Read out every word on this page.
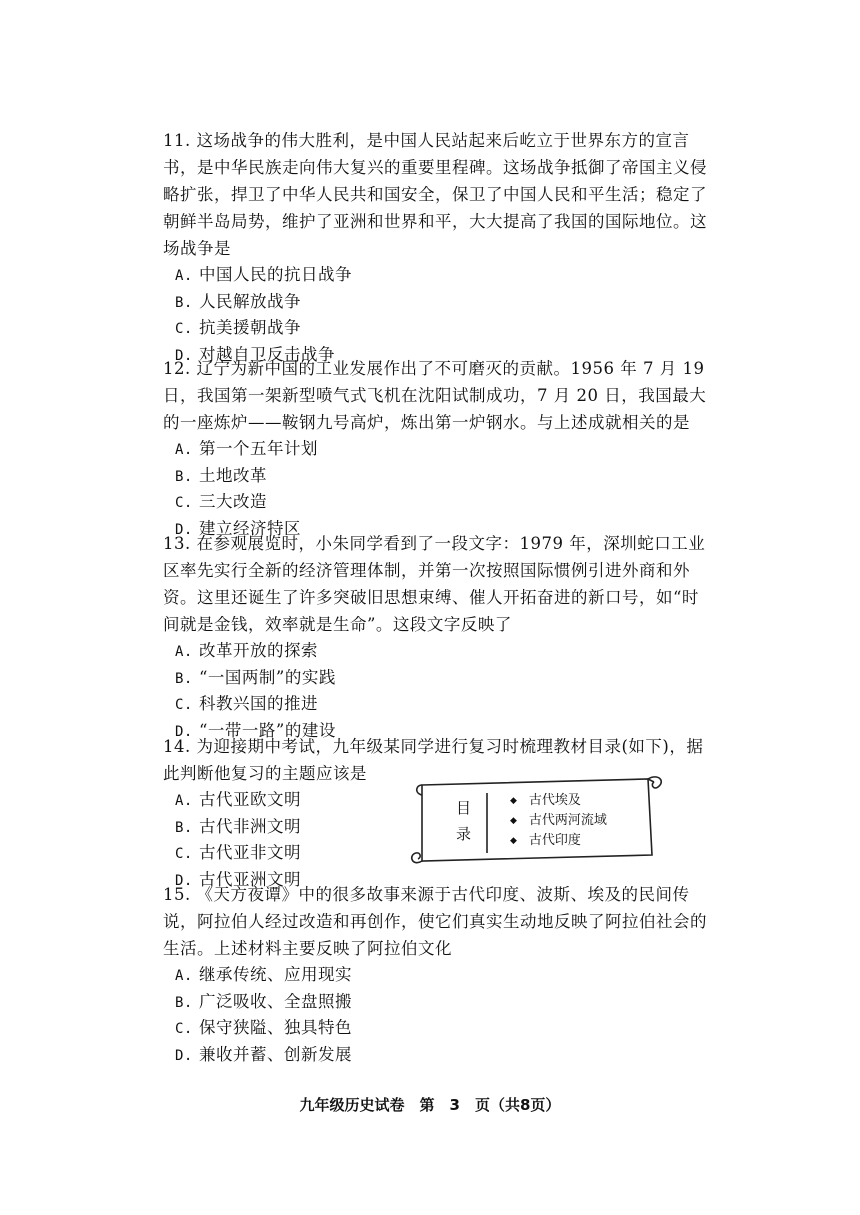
11. 这场战争的伟大胜利，是中国人民站起来后屹立于世界东方的宣言书，是中华民族走向伟大复兴的重要里程碑。这场战争抵御了帝国主义侵略扩张，捍卫了中华人民共和国安全，保卫了中国人民和平生活；稳定了朝鲜半岛局势，维护了亚洲和世界和平，大大提高了我国的国际地位。这场战争是

A. 中国人民的抗日战争
B. 人民解放战争
C. 抗美援朝战争
D. 对越自卫反击战争

12. 辽宁为新中国的工业发展作出了不可磨灭的贡献。1956 年 7 月 19 日，我国第一架新型喷气式飞机在沈阳试制成功，7 月 20 日，我国最大的一座炼炉——鞍钢九号高炉，炼出第一炉钢水。与上述成就相关的是

A. 第一个五年计划
B. 土地改革
C. 三大改造
D. 建立经济特区

13. 在参观展览时，小朱同学看到了一段文字：1979 年，深圳蛇口工业区率先实行全新的经济管理体制，并第一次按照国际惯例引进外商和外资。这里还诞生了许多突破旧思想束缚、催人开拓奋进的新口号，如“时间就是金钱，效率就是生命”。这段文字反映了

A. 改革开放的探索
B. “一国两制”的实践
C. 科教兴国的推进
D. “一带一路”的建设

14. 为迎接期中考试，九年级某同学进行复习时梳理教材目录(如下)，据此判断他复习的主题应该是

A. 古代亚欧文明
B. 古代非洲文明
C. 古代亚非文明
D. 古代亚洲文明
目
录
◆ 古代埃及
◆ 古代两河流域
◆ 古代印度

15. 《天方夜谭》中的很多故事来源于古代印度、波斯、埃及的民间传说，阿拉伯人经过改造和再创作，使它们真实生动地反映了阿拉伯社会的生活。上述材料主要反映了阿拉伯文化

A. 继承传统、应用现实
B. 广泛吸收、全盘照搬
C. 保守狭隘、独具特色
D. 兼收并蓄、创新发展
九年级历史试卷　第　3　页（共8页）
